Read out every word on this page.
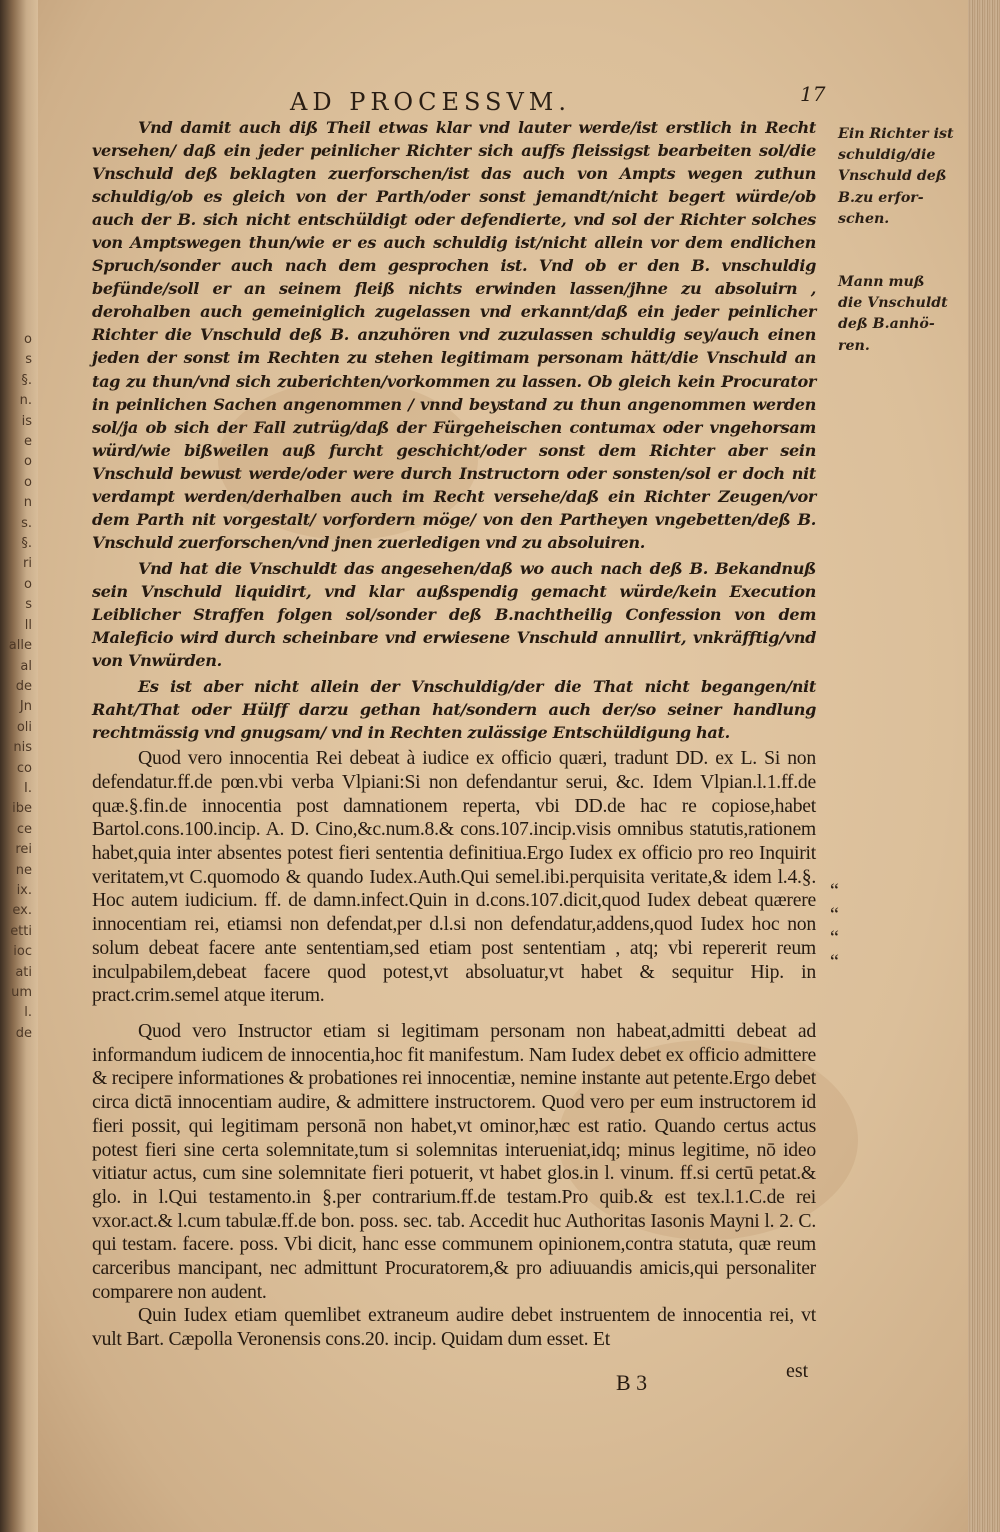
o
s
§.
n.
is
e
o
o
n
s.
§.
ri
o
s
ll
alle
al
de
Jn
oli
nis
co
I.
ibe
ce
rei
ne
ix.
ex.
etti
ioc
ati
um
l.
de
AD PROCESSVM.	17

Vnd damit auch diß Theil etwas klar vnd lauter werde/ist erstlich in Recht versehen/ daß ein jeder peinlicher Richter sich auffs fleissigst bearbeiten sol/die Vnschuld deß beklagten zuerforschen/ist das auch von Ampts wegen zuthun schuldig/ob es gleich von der Parth/oder sonst jemandt/nicht begert würde/ob auch der B. sich nicht entschüldigt oder defendierte, vnd sol der Richter solches von Amptswegen thun/wie er es auch schuldig ist/nicht allein vor dem endlichen Spruch/sonder auch nach dem gesprochen ist. Vnd ob er den B. vnschuldig befünde/soll er an seinem fleiß nichts erwinden lassen/jhne zu absoluirn , derohalben auch gemeiniglich zugelassen vnd erkannt/daß ein jeder peinlicher Richter die Vnschuld deß B. anzuhören vnd zuzulassen schuldig sey/auch einen jeden der sonst im Rechten zu stehen legitimam personam hätt/die Vnschuld an tag zu thun/vnd sich zuberichten/vorkommen zu lassen. Ob gleich kein Procurator in peinlichen Sachen angenommen / vnnd beystand zu thun angenommen werden sol/ja ob sich der Fall zutrüg/daß der Fürgeheischen contumax oder vngehorsam würd/wie bißweilen auß furcht geschicht/oder sonst dem Richter aber sein Vnschuld bewust werde/oder were durch Instructorn oder sonsten/sol er doch nit verdampt werden/derhalben auch im Recht versehe/daß ein Richter Zeugen/vor dem Parth nit vorgestalt/ vorfordern möge/ von den Partheyen vngebetten/deß B. Vnschuld zuerforschen/vnd jnen zuerledigen vnd zu absoluiren.

Vnd hat die Vnschuldt das angesehen/daß wo auch nach deß B. Bekandnuß sein Vnschuld liquidirt, vnd klar außspendig gemacht würde/kein Execution Leiblicher Straffen folgen sol/sonder deß B.nachtheilig Confession von dem Maleficio wird durch scheinbare vnd erwiesene Vnschuld annullirt, vnkräfftig/vnd von Vnwürden.

Es ist aber nicht allein der Vnschuldig/der die That nicht begangen/nit Raht/That oder Hülff darzu gethan hat/sondern auch der/so seiner handlung rechtmässig vnd gnugsam/ vnd in Rechten zulässige Entschüldigung hat.

Quod vero innocentia Rei debeat à iudice ex officio quæri, tradunt DD. ex L. Si non defendatur.ff.de pœn.vbi verba Vlpiani:Si non defendantur serui, &c. Idem Vlpian.l.1.ff.de quæ.§.fin.de innocentia post damnationem reperta, vbi DD.de hac re copiose,habet Bartol.cons.100.incip. A. D. Cino,&c.num.8.& cons.107.incip.visis omnibus statutis,rationem habet,quia inter absentes potest fieri sententia definitiua.Ergo Iudex ex officio pro reo Inquirit veritatem,vt C.quomodo & quando Iudex.Auth.Qui semel.ibi.perquisita veritate,& idem l.4.§. Hoc autem iudicium. ff. de damn.infect.Quin in d.cons.107.dicit,quod Iudex debeat quærere innocentiam rei, etiamsi non defendat,per d.l.si non defendatur,addens,quod Iudex hoc non solum debeat facere ante sententiam,sed etiam post sententiam , atq; vbi repererit reum inculpabilem,debeat facere quod potest,vt absoluatur,vt habet & sequitur Hip. in pract.crim.semel atque iterum.

Quod vero Instructor etiam si legitimam personam non habeat,admitti debeat ad informandum iudicem de innocentia,hoc fit manifestum. Nam Iudex debet ex officio admittere & recipere informationes & probationes rei innocentiæ, nemine instante aut petente.Ergo debet circa dictā innocentiam audire, & admittere instructorem. Quod vero per eum instructorem id fieri possit, qui legitimam personā non habet,vt ominor,hæc est ratio. Quando certus actus potest fieri sine certa solemnitate,tum si solemnitas interueniat,idq; minus legitime, nō ideo vitiatur actus, cum sine solemnitate fieri potuerit, vt habet glos.in l. vinum. ff.si certū petat.& glo. in l.Qui testamento.in §.per contrarium.ff.de testam.Pro quib.& est tex.l.1.C.de rei vxor.act.& l.cum tabulæ.ff.de bon. poss. sec. tab. Accedit huc Authoritas Iasonis Mayni l. 2. C. qui testam. facere. poss. Vbi dicit, hanc esse communem opinionem,contra statuta, quæ reum carceribus mancipant, nec admittunt Procuratorem,& pro adiuuandis amicis,qui personaliter comparere non audent.

Quin Iudex etiam quemlibet extraneum audire debet instruentem de innocentia rei, vt vult Bart. Cæpolla Veronensis cons.20. incip. Quidam dum esset. Et

Ein Richter ist
schuldig/die
Vnschuld deß
B.zu erfor-
schen.
Mann muß
die Vnschuldt
deß B.anhö-
ren.
“
“
“
“
B 3	est
